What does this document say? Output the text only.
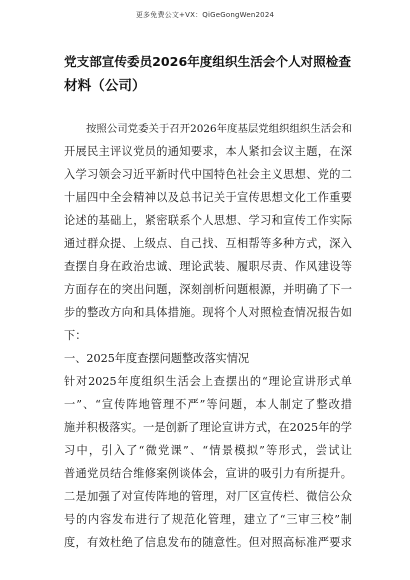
更多免费公文+VX：QiGeGongWen2024
党支部宣传委员2026年度组织生活会个人对照检查
材料（公司）
按照公司党委关于召开2026年度基层党组织组织生活会和
开展民主评议党员的通知要求，本人紧扣会议主题，在深
入学习领会习近平新时代中国特色社会主义思想、党的二
十届四中全会精神以及总书记关于宣传思想文化工作重要
论述的基础上，紧密联系个人思想、学习和宣传工作实际
通过群众提、上级点、自己找、互相帮等多种方式，深入
查摆自身在政治忠诚、理论武装、履职尽责、作风建设等
方面存在的突出问题，深刻剖析问题根源，并明确了下一
步的整改方向和具体措施。现将个人对照检查情况报告如
下：
一、2025年度查摆问题整改落实情况
针对2025年度组织生活会上查摆出的“理论宣讲形式单
一”、“宣传阵地管理不严”等问题，本人制定了整改措
施并积极落实。一是创新了理论宣讲方式，在2025年的学
习中，引入了“微党课”、“情景模拟”等形式，尝试让
普通党员结合维修案例谈体会，宣讲的吸引力有所提升。
二是加强了对宣传阵地的管理，对厂区宣传栏、微信公众
号的内容发布进行了规范化管理，建立了“三审三校”制
度，有效杜绝了信息发布的随意性。但对照高标准严要求
